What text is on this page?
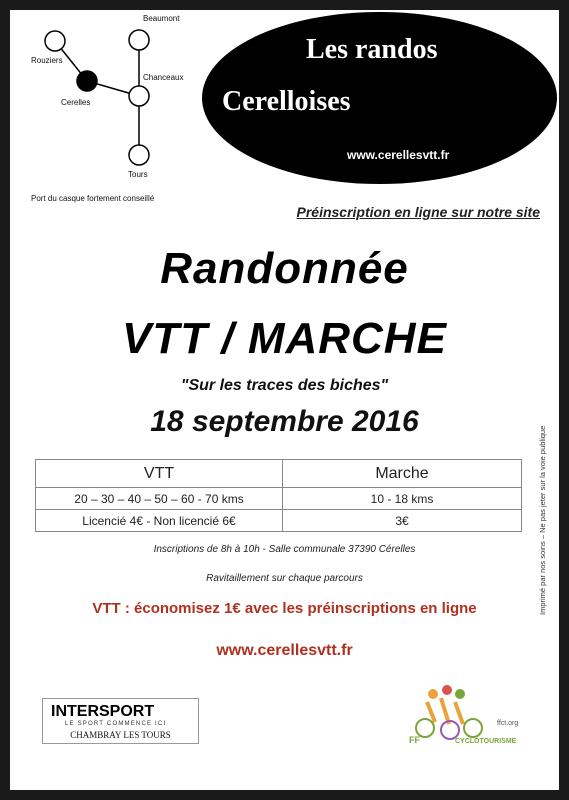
Rouziers
Beaumont
Cerelles
Chanceaux
Tours
Port du casque fortement conseillé
Les randos
Cerelloises
www.cerellesvtt.fr
Préinscription en ligne sur notre site
Randonnée
VTT / MARCHE
"Sur les traces des biches"
18 septembre 2016
VTT	Marche
20 – 30 – 40 – 50 – 60 - 70 kms	10 - 18 kms
Licencié 4€ - Non licencié 6€	3€
Inscriptions de 8h à 10h - Salle communale 37390 Cérelles
Ravitaillement sur chaque parcours
VTT : économisez 1€ avec les préinscriptions en ligne
www.cerellesvtt.fr
Imprimé par nos soins – Ne pas jeter sur la voie publique
INTERSPORT
LE SPORT COMMENCE ICI
CHAMBRAY LES TOURS
ffct.org
FF	CYCLOTOURISME
